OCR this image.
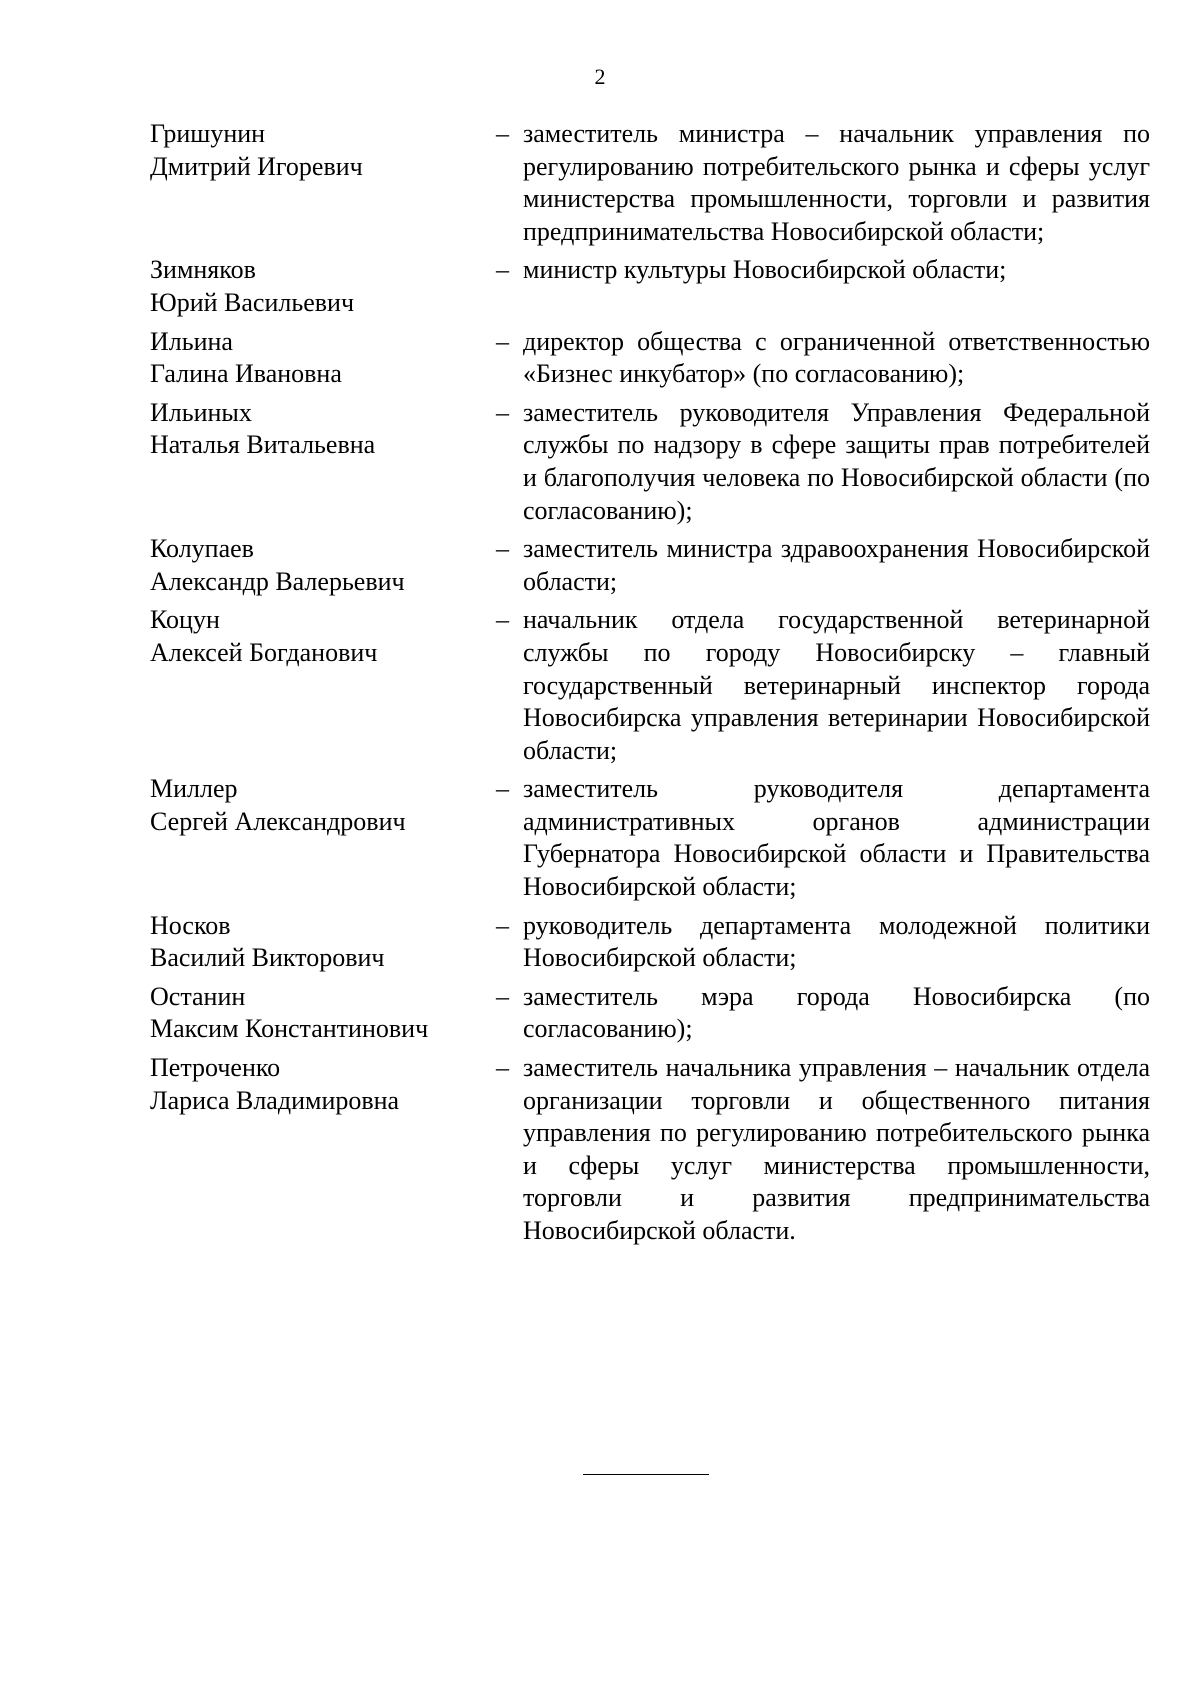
2
Гришунин
Дмитрий Игоревич
– заместитель министра – начальник управления по регулированию потребительского рынка и сферы услуг министерства промышленности, торговли и развития предпринимательства Новосибирской области;
Зимняков
Юрий Васильевич
– министр культуры Новосибирской области;
Ильина
Галина Ивановна
– директор общества с ограниченной ответственностью «Бизнес инкубатор» (по согласованию);
Ильиных
Наталья Витальевна
– заместитель руководителя Управления Федеральной службы по надзору в сфере защиты прав потребителей и благополучия человека по Новосибирской области (по согласованию);
Колупаев
Александр Валерьевич
– заместитель министра здравоохранения Новосибирской области;
Коцун
Алексей Богданович
– начальник отдела государственной ветеринарной службы по городу Новосибирску – главный государственный ветеринарный инспектор города Новосибирска управления ветеринарии Новосибирской области;
Миллер
Сергей Александрович
– заместитель руководителя департамента административных органов администрации Губернатора Новосибирской области и Правительства Новосибирской области;
Носков
Василий Викторович
– руководитель департамента молодежной политики Новосибирской области;
Останин
Максим Константинович
– заместитель мэра города Новосибирска (по согласованию);
Петроченко
Лариса Владимировна
– заместитель начальника управления – начальник отдела организации торговли и общественного питания управления по регулированию потребительского рынка и сферы услуг министерства промышленности, торговли и развития предпринимательства Новосибирской области.
